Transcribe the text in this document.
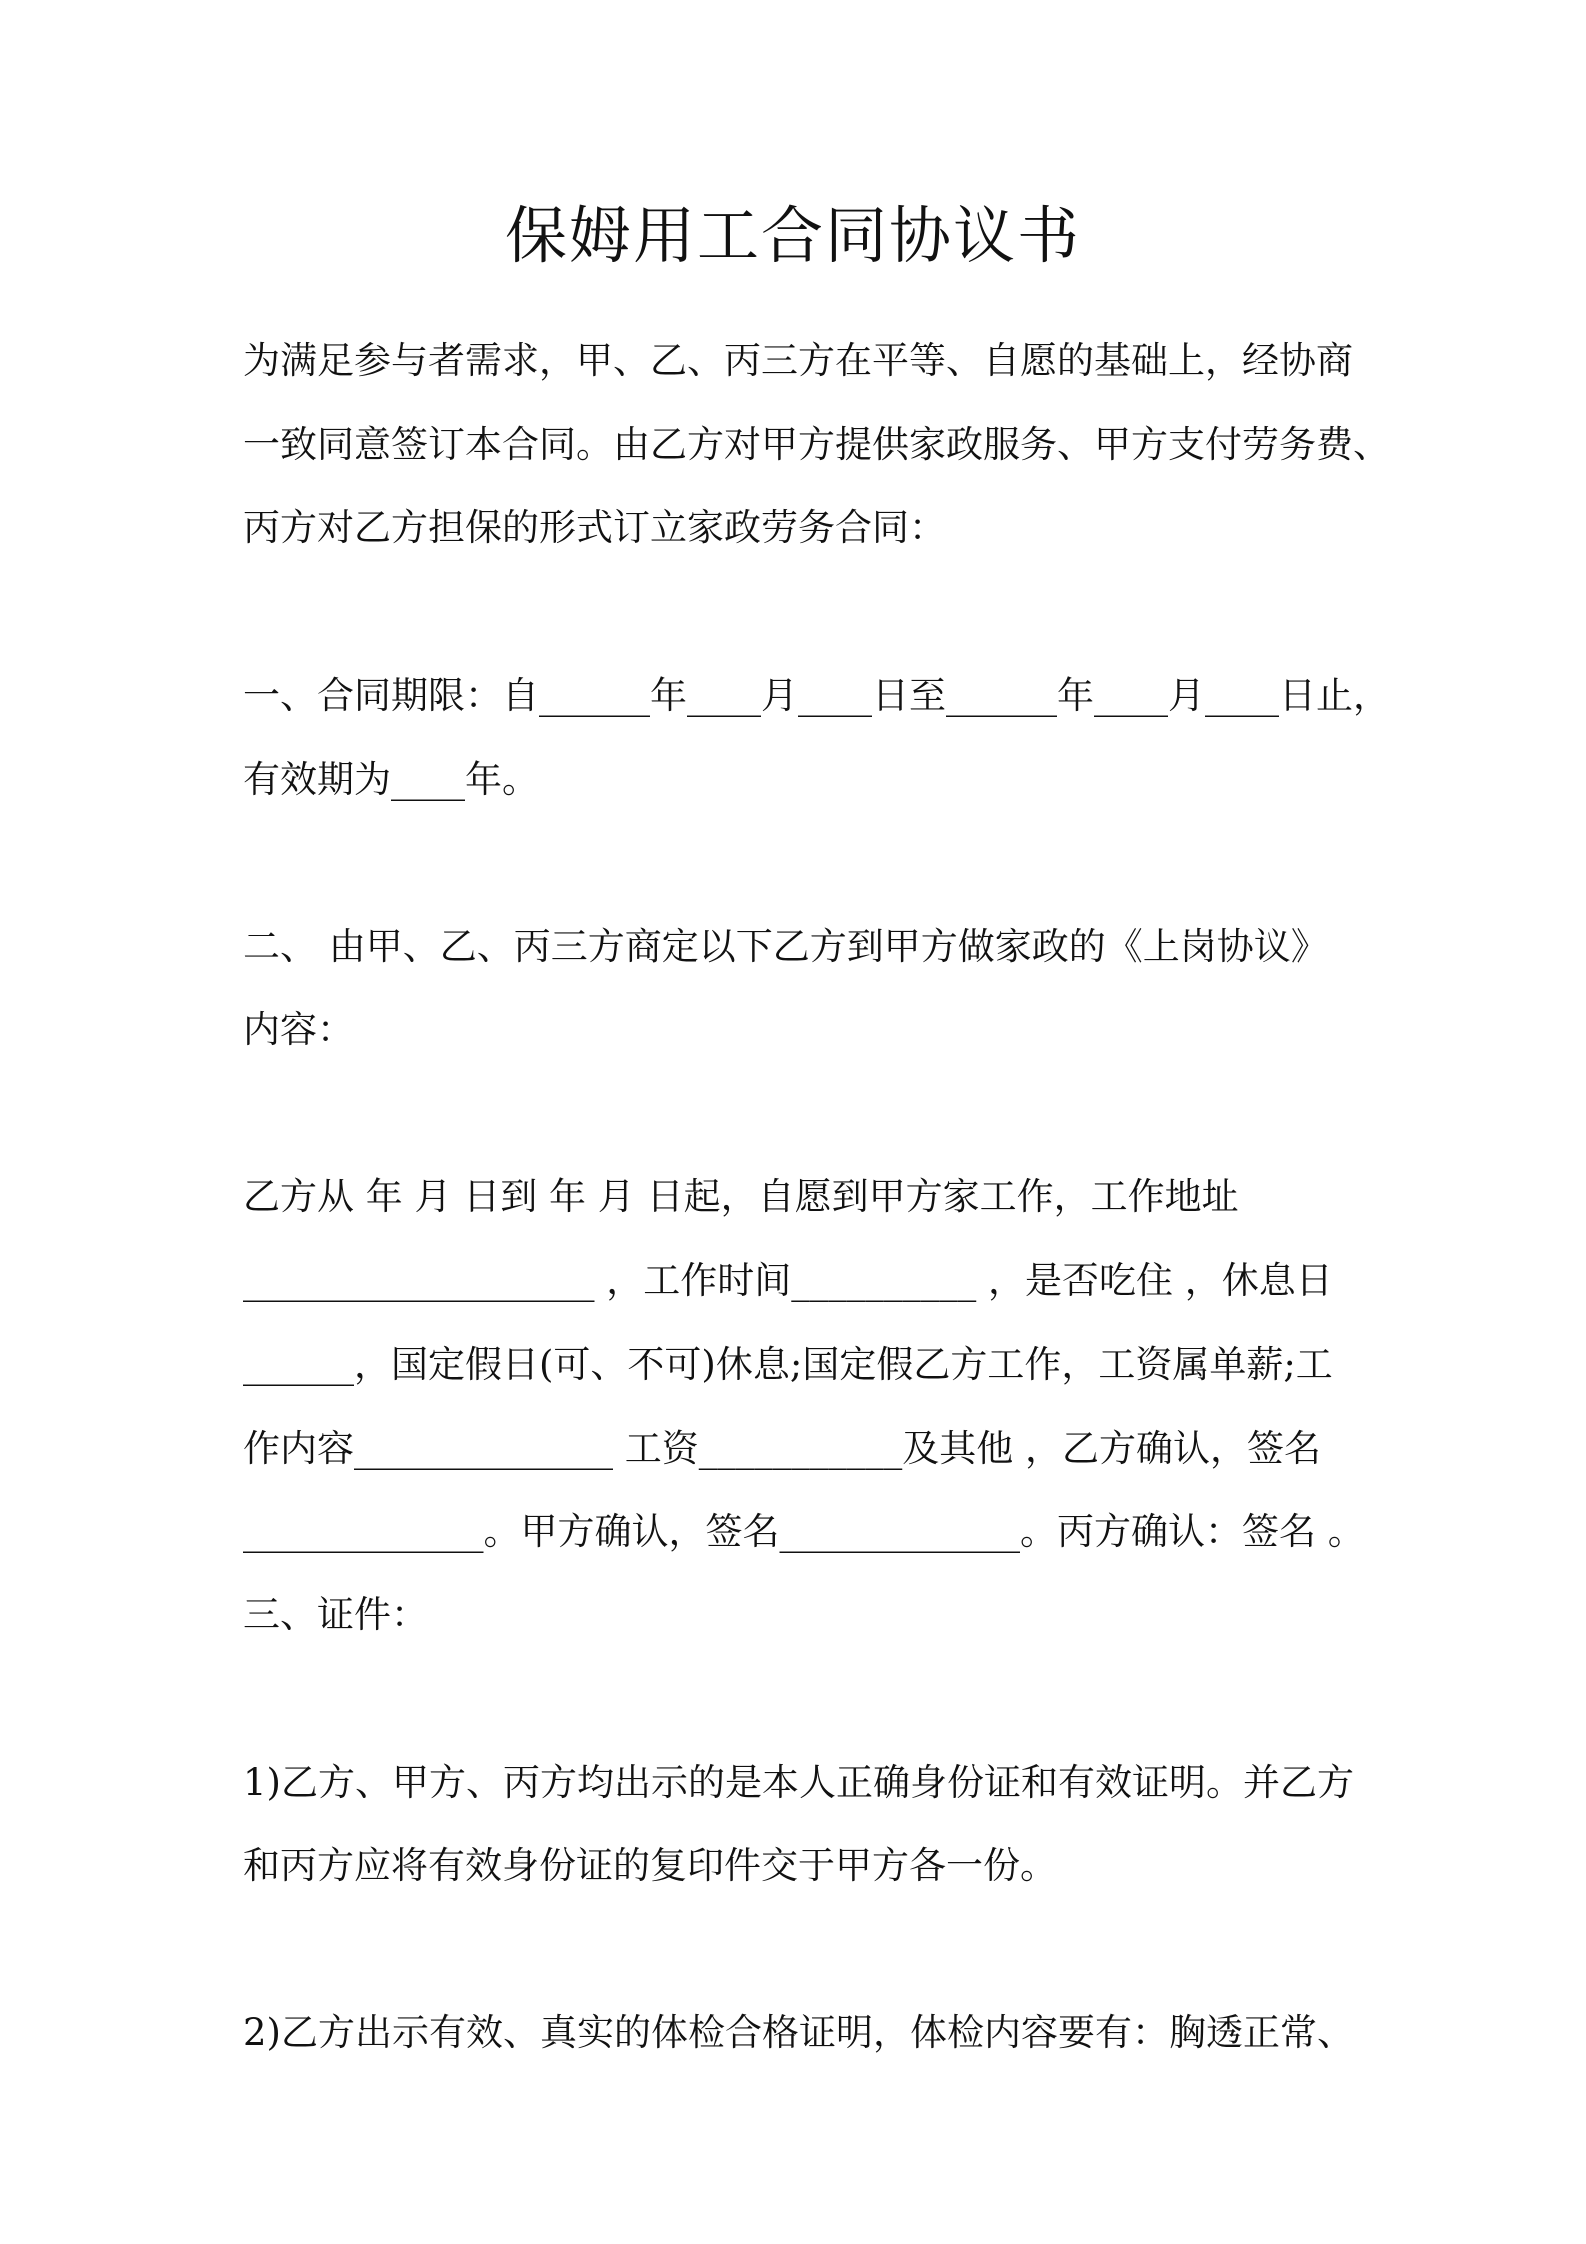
保姆用工合同协议书
为满足参与者需求，甲、乙、丙三方在平等、自愿的基础上，经协商
一致同意签订本合同。由乙方对甲方提供家政服务、甲方支付劳务费、
丙方对乙方担保的形式订立家政劳务合同：
一、合同期限：自______年____月____日至______年____月____日止，
有效期为____年。
二、 由甲、乙、丙三方商定以下乙方到甲方做家政的《上岗协议》
内容：
乙方从 年 月 日到 年 月 日起，自愿到甲方家工作，工作地址
___________________ ，工作时间__________ ，是否吃住 ，休息日
______，国定假日(可、不可)休息;国定假乙方工作，工资属单薪;工
作内容______________ 工资___________及其他 ，乙方确认，签名
_____________。甲方确认，签名_____________。丙方确认：签名 。
三、证件：
1)乙方、甲方、丙方均出示的是本人正确身份证和有效证明。并乙方
和丙方应将有效身份证的复印件交于甲方各一份。
2)乙方出示有效、真实的体检合格证明，体检内容要有：胸透正常、
